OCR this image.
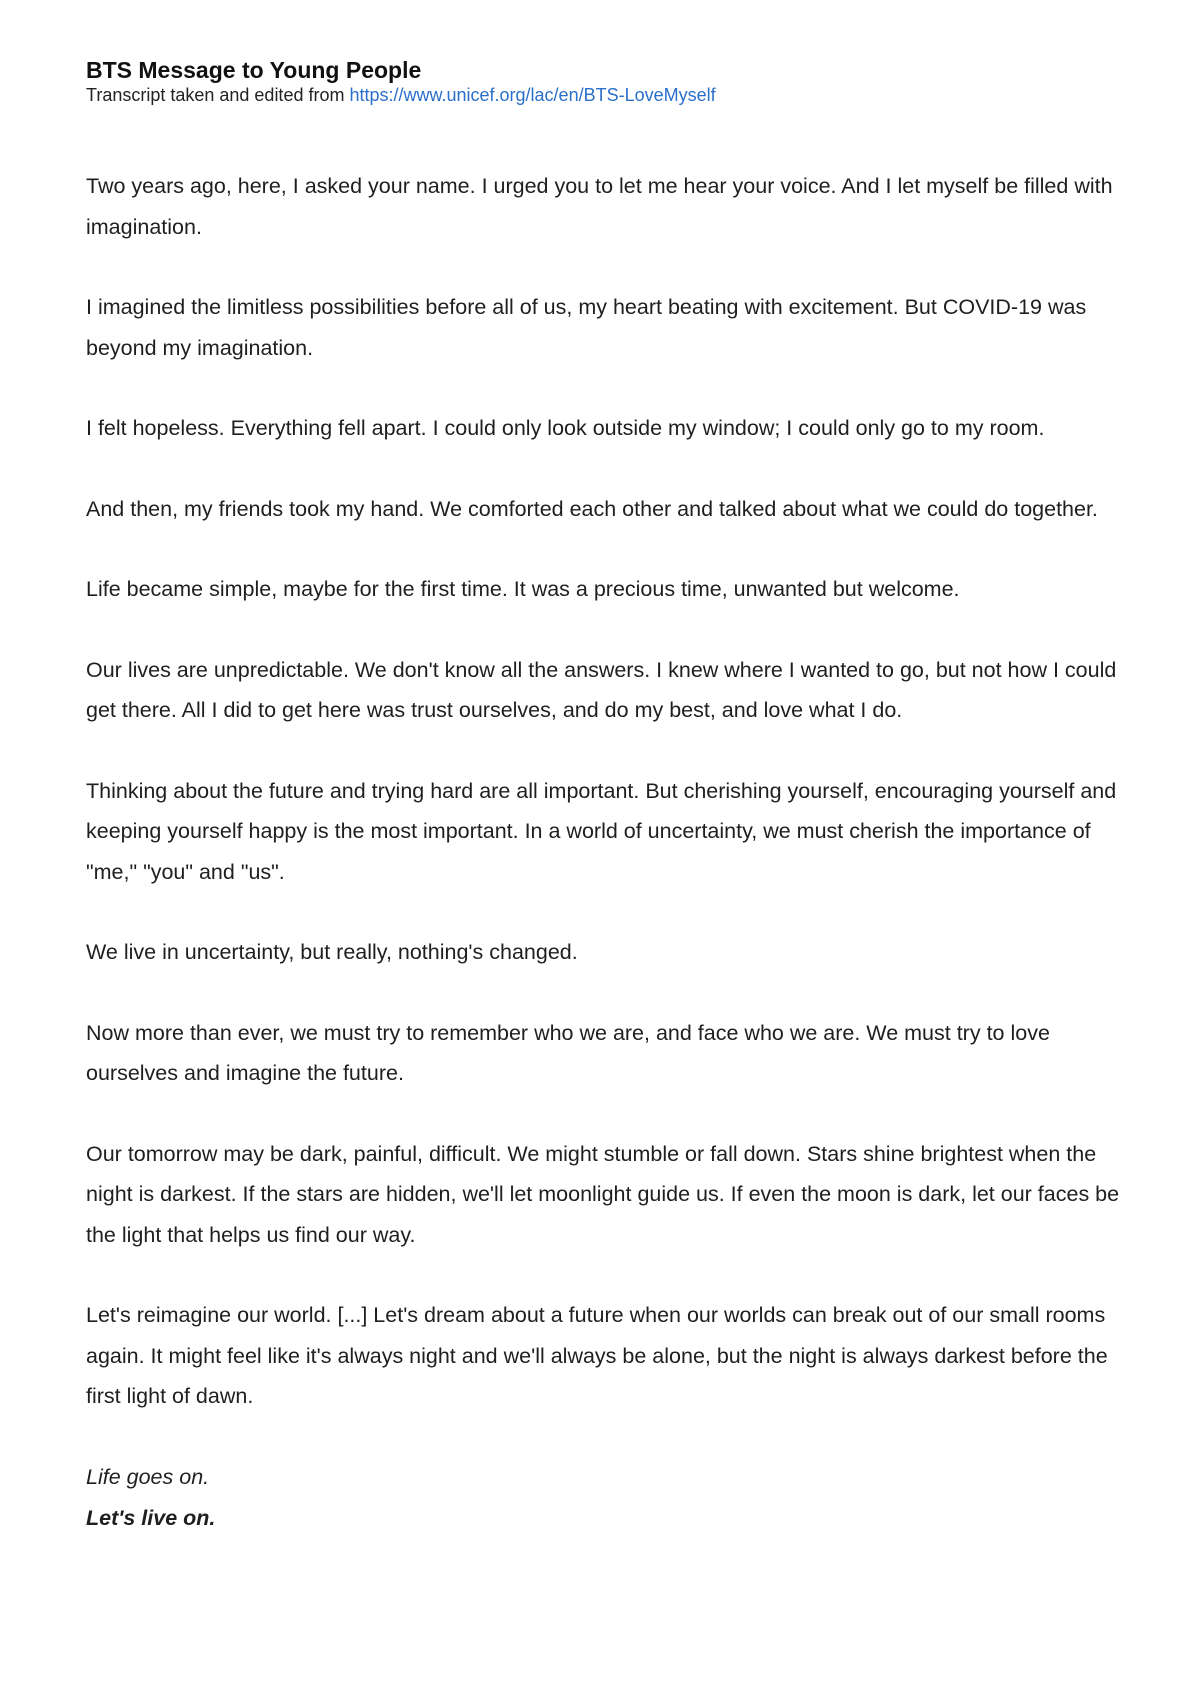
BTS Message to Young People

Transcript taken and edited from https://www.unicef.org/lac/en/BTS-LoveMyself

Two years ago, here, I asked your name. I urged you to let me hear your voice. And I let myself be filled with imagination.

I imagined the limitless possibilities before all of us, my heart beating with excitement. But COVID-19 was beyond my imagination.

I felt hopeless. Everything fell apart. I could only look outside my window; I could only go to my room.

And then, my friends took my hand. We comforted each other and talked about what we could do together.

Life became simple, maybe for the first time. It was a precious time, unwanted but welcome.

Our lives are unpredictable. We don't know all the answers. I knew where I wanted to go, but not how I could get there. All I did to get here was trust ourselves, and do my best, and love what I do.

Thinking about the future and trying hard are all important. But cherishing yourself, encouraging yourself and keeping yourself happy is the most important. In a world of uncertainty, we must cherish the importance of "me," "you" and "us".

We live in uncertainty, but really, nothing's changed.

Now more than ever, we must try to remember who we are, and face who we are. We must try to love ourselves and imagine the future.

Our tomorrow may be dark, painful, difficult. We might stumble or fall down. Stars shine brightest when the night is darkest. If the stars are hidden, we'll let moonlight guide us. If even the moon is dark, let our faces be the light that helps us find our way.

Let's reimagine our world. [...] Let's dream about a future when our worlds can break out of our small rooms again. It might feel like it's always night and we'll always be alone, but the night is always darkest before the first light of dawn.

Life goes on.

Let's live on.
